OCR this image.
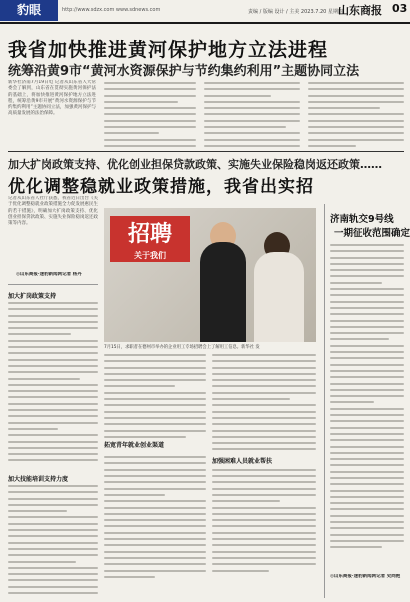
豹眼	http://www.sdzx.com www.sdnews.com	责编 / 版编 设计 / 主美 2023.7.20 星期四
山东商报 03
我省加快推进黄河保护地方立法进程
统筹沿黄9市“黄河水资源保护与节约集约利用”主题协同立法
新华社济南7月19日电 记者从山东省人大常委会了解到，山东省在贯彻实施黄河保护法的基础上，将加快推进黄河保护地方立法进程，统筹沿黄9市开展“黄河水资源保护与节约集约利用”主题协同立法，加强黄河保护与高质量发展的法治保障。
加大扩岗政策支持、优化创业担保贷款政策、实施失业保险稳岗返还政策……
优化调整稳就业政策措施，我省出实招
记者从山东省人社厅获悉，我省近日出台《关于优化调整稳就业政策措施全力促发展惠民生的若干措施》，明确加大扩岗政策支持、优化创业担保贷款政策、实施失业保险稳岗返还政策等内容。
◎山东商报·速豹新闻网记者 杨丹
加大扩岗政策支持
加大技能培训支持力度
招聘
关于我们
7月15日，求职者在德州市举办的企业用工专场招聘会上了解用工信息。新华社 发
拓宽青年就业创业渠道
加强困难人员就业帮扶
济南轨交9号线
一期征收范围确定
◎山东商报·速豹新闻网记者 史尚艳
